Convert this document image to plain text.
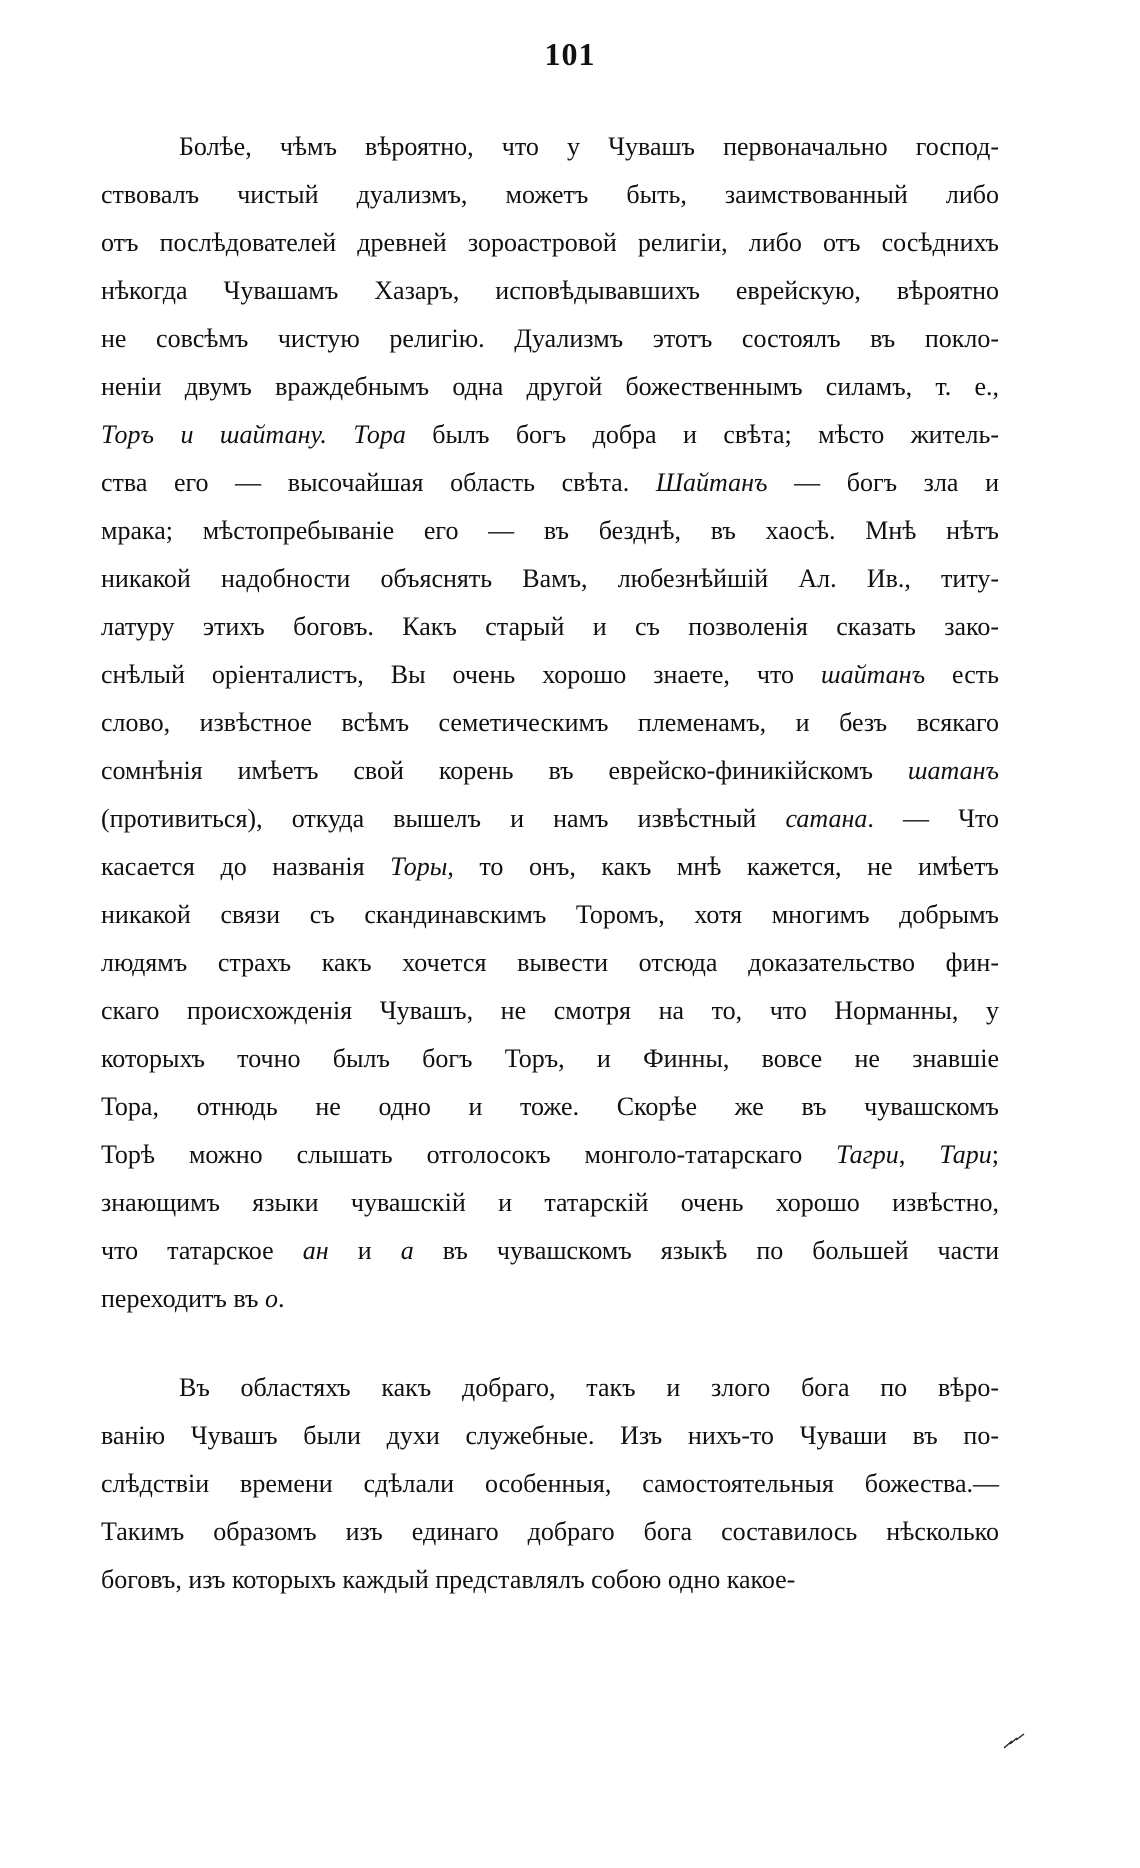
101
Болѣе, чѣмъ вѣроятно, что у Чувашъ первоначально господ-
ствовалъ чистый дуализмъ, можетъ быть, заимствованный либо
отъ послѣдователей древней зороастровой религіи, либо отъ сосѣднихъ
нѣкогда Чувашамъ Хазаръ, исповѣдывавшихъ еврейскую, вѣроятно
не совсѣмъ чистую религію. Дуализмъ этотъ состоялъ въ покло-
неніи двумъ враждебнымъ одна другой божественнымъ силамъ, т. е.,
Торъ и шайтану. Тора былъ богъ добра и свѣта; мѣсто житель-
ства его — высочайшая область свѣта. Шайтанъ — богъ зла и
мрака; мѣстопребываніе его — въ безднѣ, въ хаосѣ. Мнѣ нѣтъ
никакой надобности объяснять Вамъ, любезнѣйшій Ал. Ив., титу-
латуру этихъ боговъ. Какъ старый и съ позволенія сказать зако-
снѣлый оріенталистъ, Вы очень хорошо знаете, что шайтанъ есть
слово, извѣстное всѣмъ семетическимъ племенамъ, и безъ всякаго
сомнѣнія имѣетъ свой корень въ еврейско-финикійскомъ шатанъ
(противиться), откуда вышелъ и намъ извѣстный сатана. — Что
касается до названія Торы, то онъ, какъ мнѣ кажется, не имѣетъ
никакой связи съ скандинавскимъ Торомъ, хотя многимъ добрымъ
людямъ страхъ какъ хочется вывести отсюда доказательство фин-
скаго происхожденія Чувашъ, не смотря на то, что Норманны, у
которыхъ точно былъ богъ Торъ, и Финны, вовсе не знавшіе
Тора, отнюдь не одно и тоже. Скорѣе же въ чувашскомъ
Торѣ можно слышать отголосокъ монголо-татарскаго Тагри, Тари;
знающимъ языки чувашскій и татарскій очень хорошо извѣстно,
что татарское ан и а въ чувашскомъ языкѣ по большей части
переходитъ въ о.
Въ областяхъ какъ добраго, такъ и злого бога по вѣро-
ванію Чувашъ были духи служебные. Изъ нихъ-то Чуваши въ по-
слѣдствіи времени сдѣлали особенныя, самостоятельныя божества.—
Такимъ образомъ изъ единаго добраго бога составилось нѣсколько
боговъ, изъ которыхъ каждый представлялъ собою одно какое-
